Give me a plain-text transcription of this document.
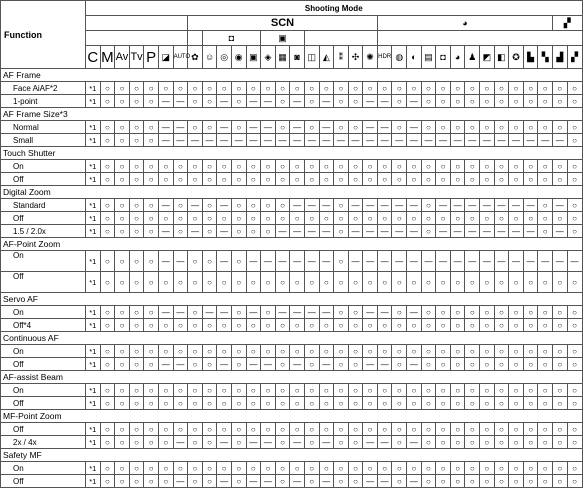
Function	Shooting Mode																																	
								SCN													◕												▞	
									◘				▣																					
	C	M	Av	Tv	P	◪	AUTO	✿	☺	◎	◉	▣	◈	▦	◙	◫	◭	⁑	✣	✺	HDR	◍	◐	▤	◘	◕	♟	◩	◧	✪	▙	▚	▟	▞
AF Frame																																		
Face AiAF*2	*1	○	○	○	○	○	○	○	○	○	○	○	○	○	○	○	○	○	○	○	○	○	○	○	○	○	○	○	○	○	○	○	○	○
1-point	*1	○	○	○	○	—	—	○	○	—	○	—	—	○	—	○	—	○	○	—	—	○	—	○	○	○	○	○	○	○	○	○	○	○
AF Frame Size*3																																		
Normal	*1	○	○	○	○	—	—	○	○	—	○	—	—	○	—	○	—	○	○	—	—	○	—	○	○	○	○	○	○	○	○	○	○	○
Small	*1	○	○	○	○	—	—	—	—	—	—	—	—	—	—	—	—	—	—	—	—	—	—	—	—	—	—	—	—	—	—	—	—	○
Touch Shutter																																		
On	*1	○	○	○	○	○	○	○	○	○	○	○	○	○	○	○	○	○	○	○	○	○	○	○	○	○	○	○	○	○	○	○	○	○
Off	*1	○	○	○	○	○	○	○	○	○	○	○	○	○	○	○	○	○	○	○	○	○	○	○	○	○	○	○	○	○	○	○	○	○
Digital Zoom																																		
Standard	*1	○	○	○	○	—	○	—	○	—	○	○	○	○	—	—	—	○	—	—	—	—	—	○	—	—	—	—	—	—	—	○	—	○
Off	*1	○	○	○	○	○	○	○	○	○	○	○	○	○	○	○	○	○	○	○	○	○	○	○	○	○	○	○	○	○	○	○	○	○
1.5 / 2.0x	*1	○	○	○	○	—	○	—	○	—	○	○	○	—	—	—	—	○	—	—	—	—	—	○	—	—	—	—	—	—	—	○	—	○
AF-Point Zoom																																		
On	*1	○	○	○	○	—	—	○	○	—	○	—	—	—	—	—	—	○	—	—	—	—	—	—	—	—	—	—	—	—	—	—	—	—
Off	*1	○	○	○	○	○	○	○	○	○	○	○	○	○	○	○	○	○	○	○	○	○	○	○	○	○	○	○	○	○	○	○	○	○
Servo AF																																		
On	*1	○	○	○	○	—	—	○	—	—	○	—	○	—	—	—	—	○	○	—	—	○	—	○	○	○	○	○	○	○	○	○	○	○
Off*4	*1	○	○	○	○	○	○	○	○	○	○	○	○	○	○	○	○	○	○	○	○	○	○	○	○	○	○	○	○	○	○	○	○	○
Continuous AF																																		
On	*1	○	○	○	○	○	○	○	○	○	○	○	○	○	○	○	○	○	○	○	○	○	○	○	○	○	○	○	○	○	○	○	○	○
Off	*1	○	○	○	○	—	—	○	○	—	○	—	—	○	—	○	—	○	○	—	—	○	—	○	○	○	○	○	○	○	○	○	○	○
AF-assist Beam																																		
On	*1	○	○	○	○	○	○	○	○	○	○	○	○	○	○	○	○	○	○	○	○	○	○	○	○	○	○	○	○	○	○	○	○	○
Off	*1	○	○	○	○	○	○	○	○	○	○	○	○	○	○	○	○	○	○	○	○	○	○	○	○	○	○	○	○	○	○	○	○	○
MF-Point Zoom																																		
Off	*1	○	○	○	○	○	○	○	○	○	○	○	○	○	○	○	○	○	○	○	○	○	○	○	○	○	○	○	○	○	○	○	○	○
2x / 4x	*1	○	○	○	○	○	—	○	○	—	○	—	—	○	—	○	—	○	○	—	—	○	—	○	○	○	○	○	○	○	○	○	○	○
Safety MF																																		
On	*1	○	○	○	○	○	○	○	○	○	○	○	○	○	○	○	○	○	○	○	○	○	○	○	○	○	○	○	○	○	○	○	○	○
Off	*1	○	○	○	○	○	—	○	○	—	○	—	—	○	—	○	—	○	○	—	—	○	—	○	○	○	○	○	○	○	○	○	○	○
